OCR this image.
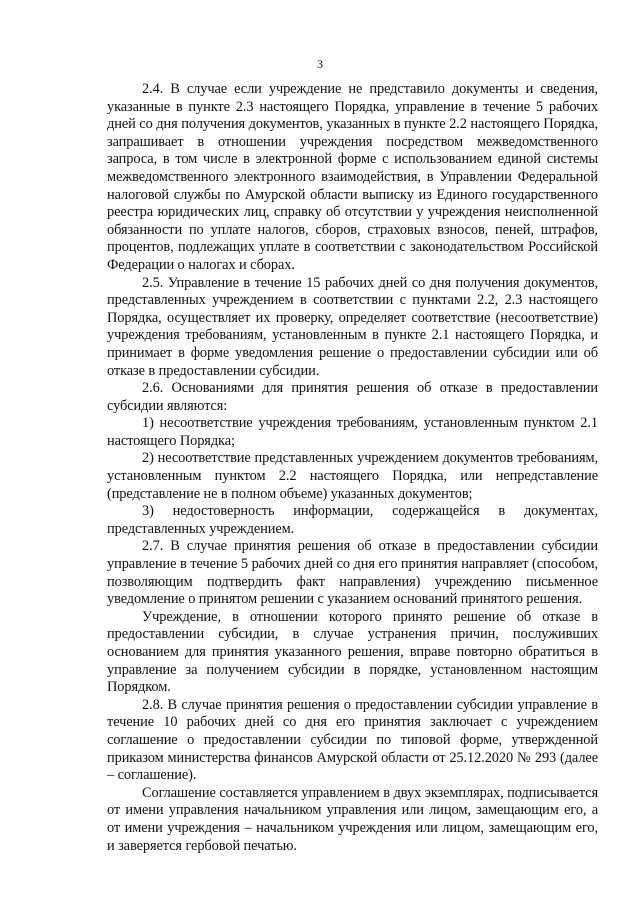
3

2.4. В случае если учреждение не представило документы и сведения, указанные в пункте 2.3 настоящего Порядка, управление в течение 5 рабочих дней со дня получения документов, указанных в пункте 2.2 настоящего Порядка, запрашивает в отношении учреждения посредством межведомственного запроса, в том числе в электронной форме с использованием единой системы межведомственного электронного взаимодействия, в Управлении Федеральной налоговой службы по Амурской области выписку из Единого государственного реестра юридических лиц, справку об отсутствии у учреждения неисполненной обязанности по уплате налогов, сборов, страховых взносов, пеней, штрафов, процентов, подлежащих уплате в соответствии с законодательством Российской Федерации о налогах и сборах.

2.5. Управление в течение 15 рабочих дней со дня получения документов, представленных учреждением в соответствии с пунктами 2.2, 2.3 настоящего Порядка, осуществляет их проверку, определяет соответствие (несоответствие) учреждения требованиям, установленным в пункте 2.1 настоящего Порядка, и принимает в форме уведомления решение о предоставлении субсидии или об отказе в предоставлении субсидии.

2.6. Основаниями для принятия решения об отказе в предоставлении субсидии являются:

1) несоответствие учреждения требованиям, установленным пунктом 2.1 настоящего Порядка;

2) несоответствие представленных учреждением документов требованиям, установленным пунктом 2.2 настоящего Порядка, или непредставление (представление не в полном объеме) указанных документов;

3) недостоверность информации, содержащейся в документах, представленных учреждением.

2.7. В случае принятия решения об отказе в предоставлении субсидии управление в течение 5 рабочих дней со дня его принятия направляет (способом, позволяющим подтвердить факт направления) учреждению письменное уведомление о принятом решении с указанием оснований принятого решения.

Учреждение, в отношении которого принято решение об отказе в предоставлении субсидии, в случае устранения причин, послуживших основанием для принятия указанного решения, вправе повторно обратиться в управление за получением субсидии в порядке, установленном настоящим Порядком.

2.8. В случае принятия решения о предоставлении субсидии управление в течение 10 рабочих дней со дня его принятия заключает с учреждением соглашение о предоставлении субсидии по типовой форме, утвержденной приказом министерства финансов Амурской области от 25.12.2020 № 293 (далее – соглашение).

Соглашение составляется управлением в двух экземплярах, подписывается от имени управления начальником управления или лицом, замещающим его, а от имени учреждения – начальником учреждения или лицом, замещающим его, и заверяется гербовой печатью.
